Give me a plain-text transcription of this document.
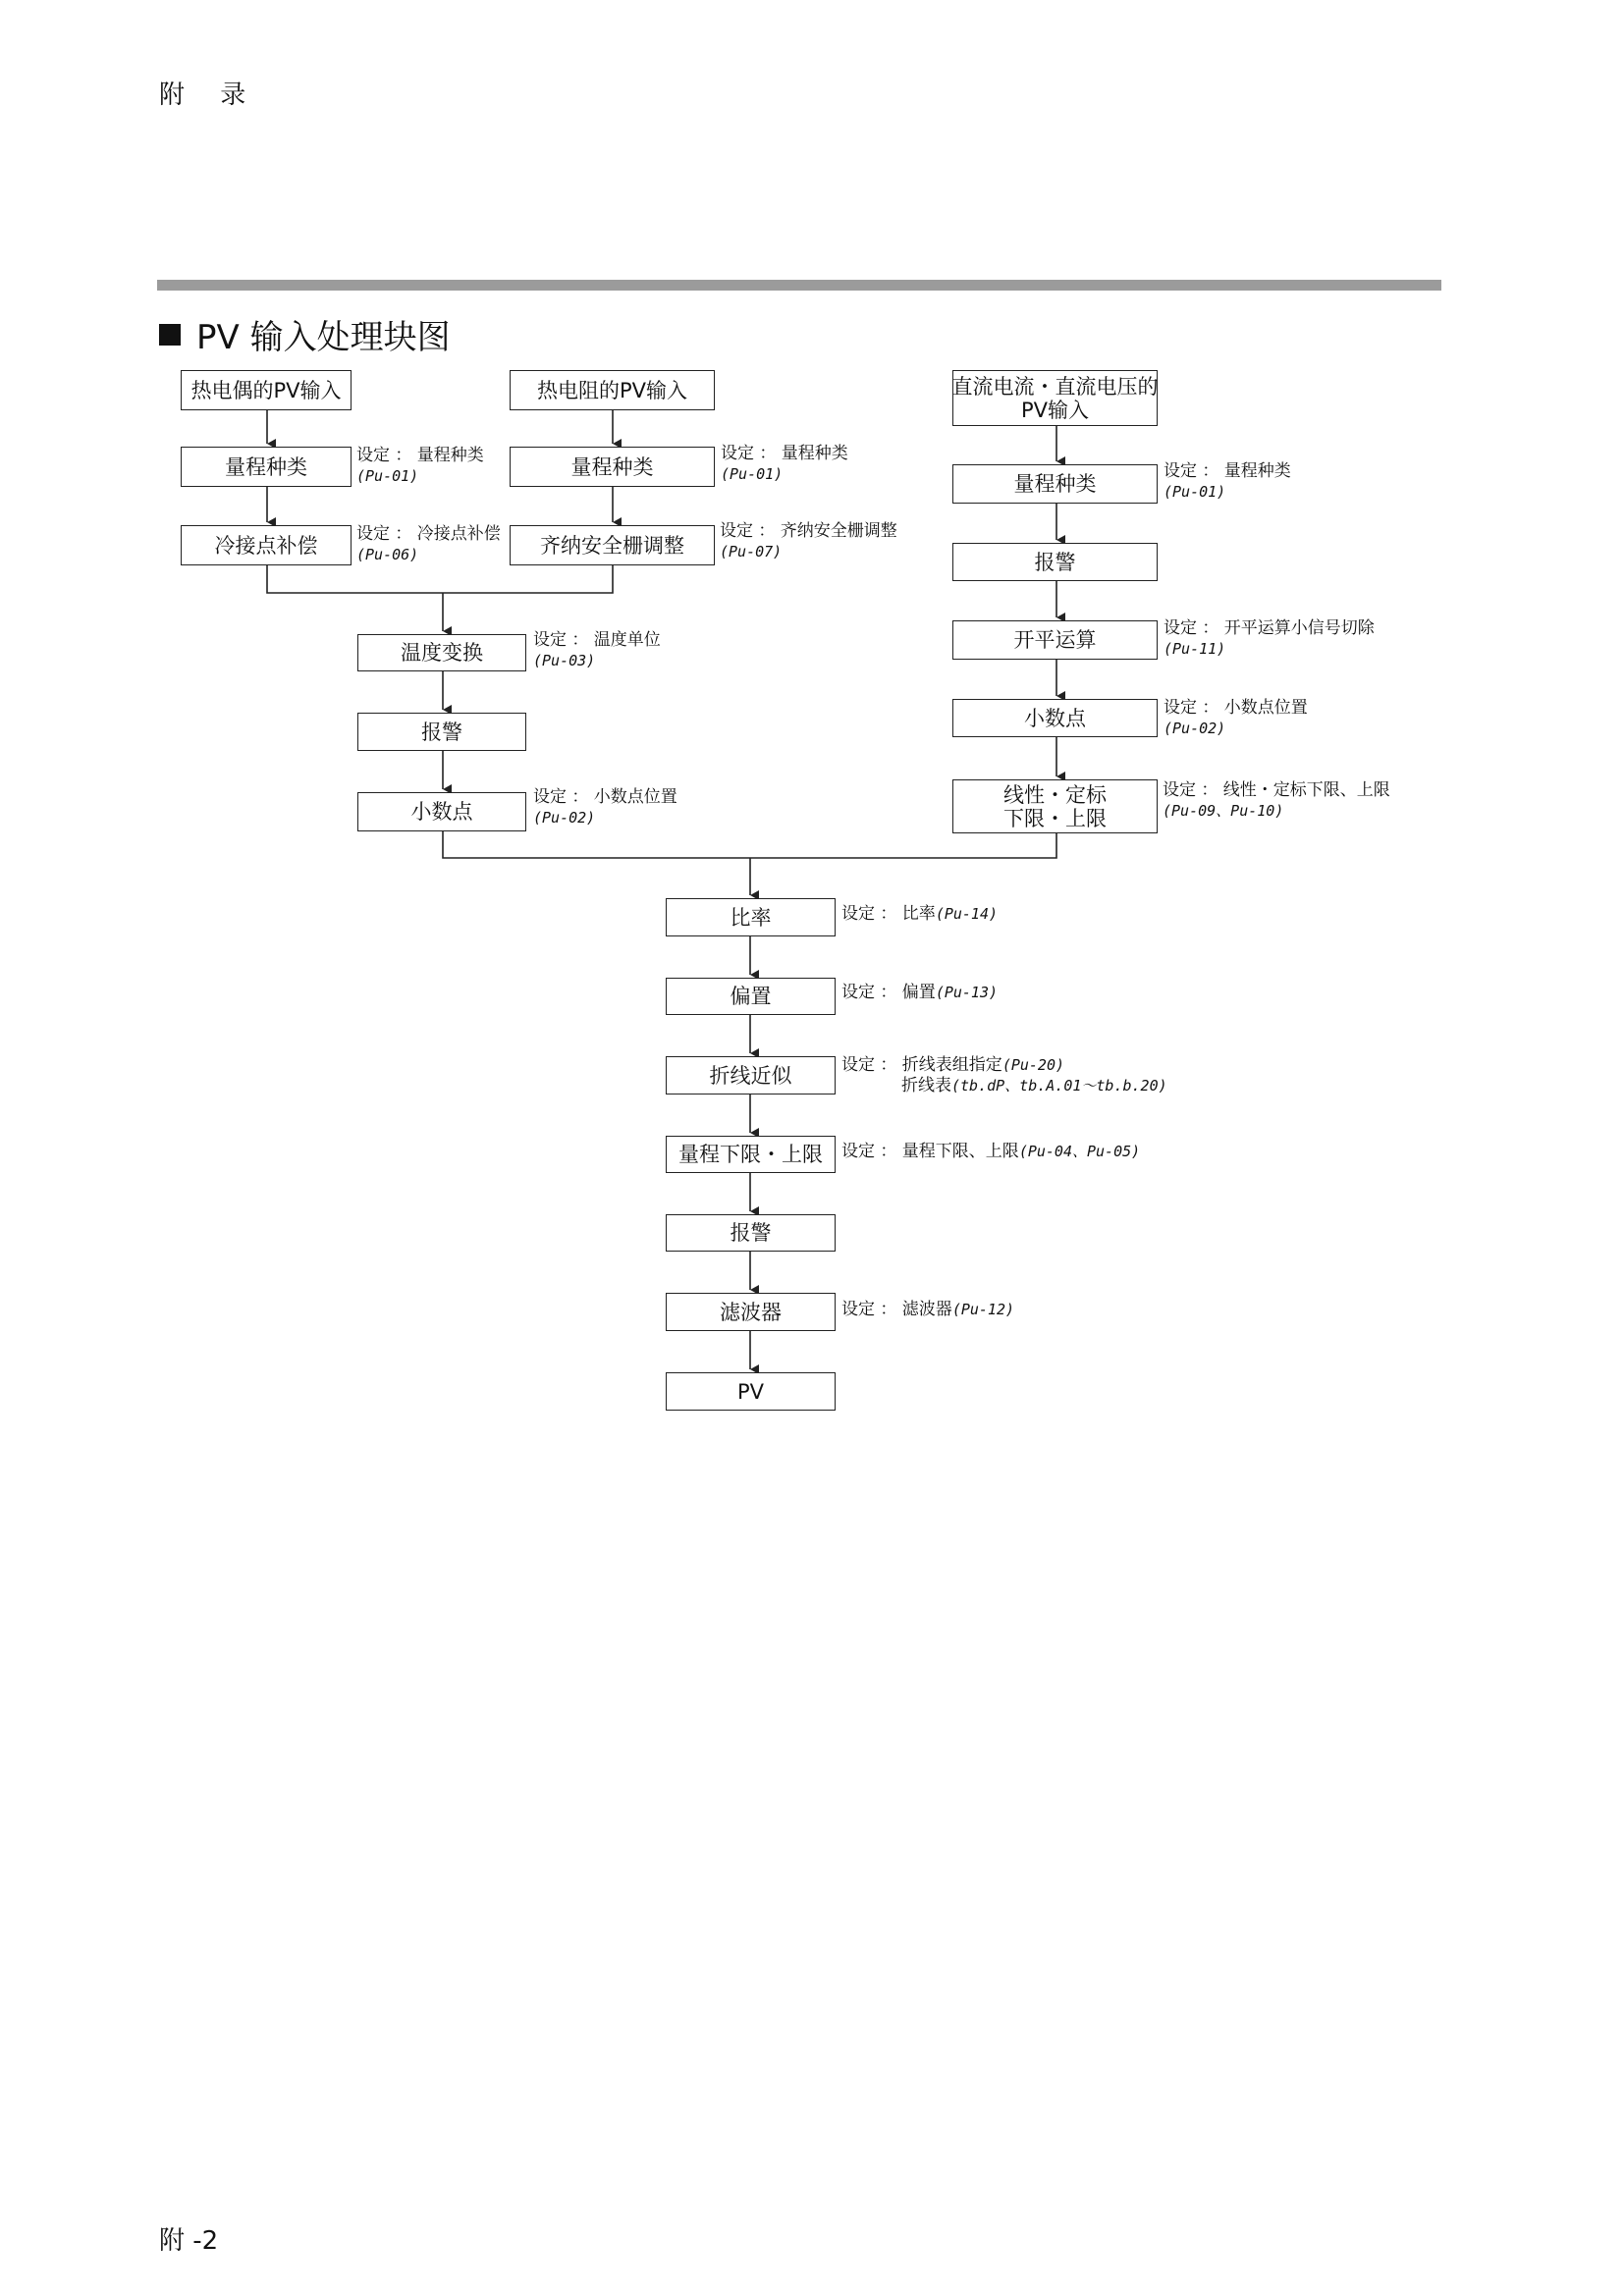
附 录
PV 输入处理块图
热电偶的PV输入
量程种类	设定 ： 量程种类
(Pu-01)
冷接点补偿 设定 ： 冷接点补偿
(Pu-06)
热电阻的PV输入
量程种类
设定 ： 量程种类
(Pu-01)
齐纳安全栅调整
设定 ： 齐纳安全栅调整
(Pu-07)
温度变换
设定 ： 温度单位
(Pu-03)
报警
小数点
设定 ： 小数点位置
(Pu-02)
直流电流・直流电压的
PV输入
量程种类
设定 ： 量程种类
(Pu-01)
报警
开平运算	设定 ： 开平运算小信号切除
(Pu-11)
小数点	设定 ： 小数点位置
(Pu-02)
线性・定标
下限・上限
设定 ： 线性・定标下限、上限
(Pu-09、Pu-10)
比率	设定 ： 比率(Pu-14)
偏置	设定 ： 偏置(Pu-13)
折线近似	设定 ： 折线表组指定(Pu-20)
折线表(tb.dP、tb.A.01～tb.b.20)
量程下限・上限 设定 ： 量程下限、上限(Pu-04、Pu-05)
报警
滤波器	设定 ： 滤波器(Pu-12)
PV
附 -2
